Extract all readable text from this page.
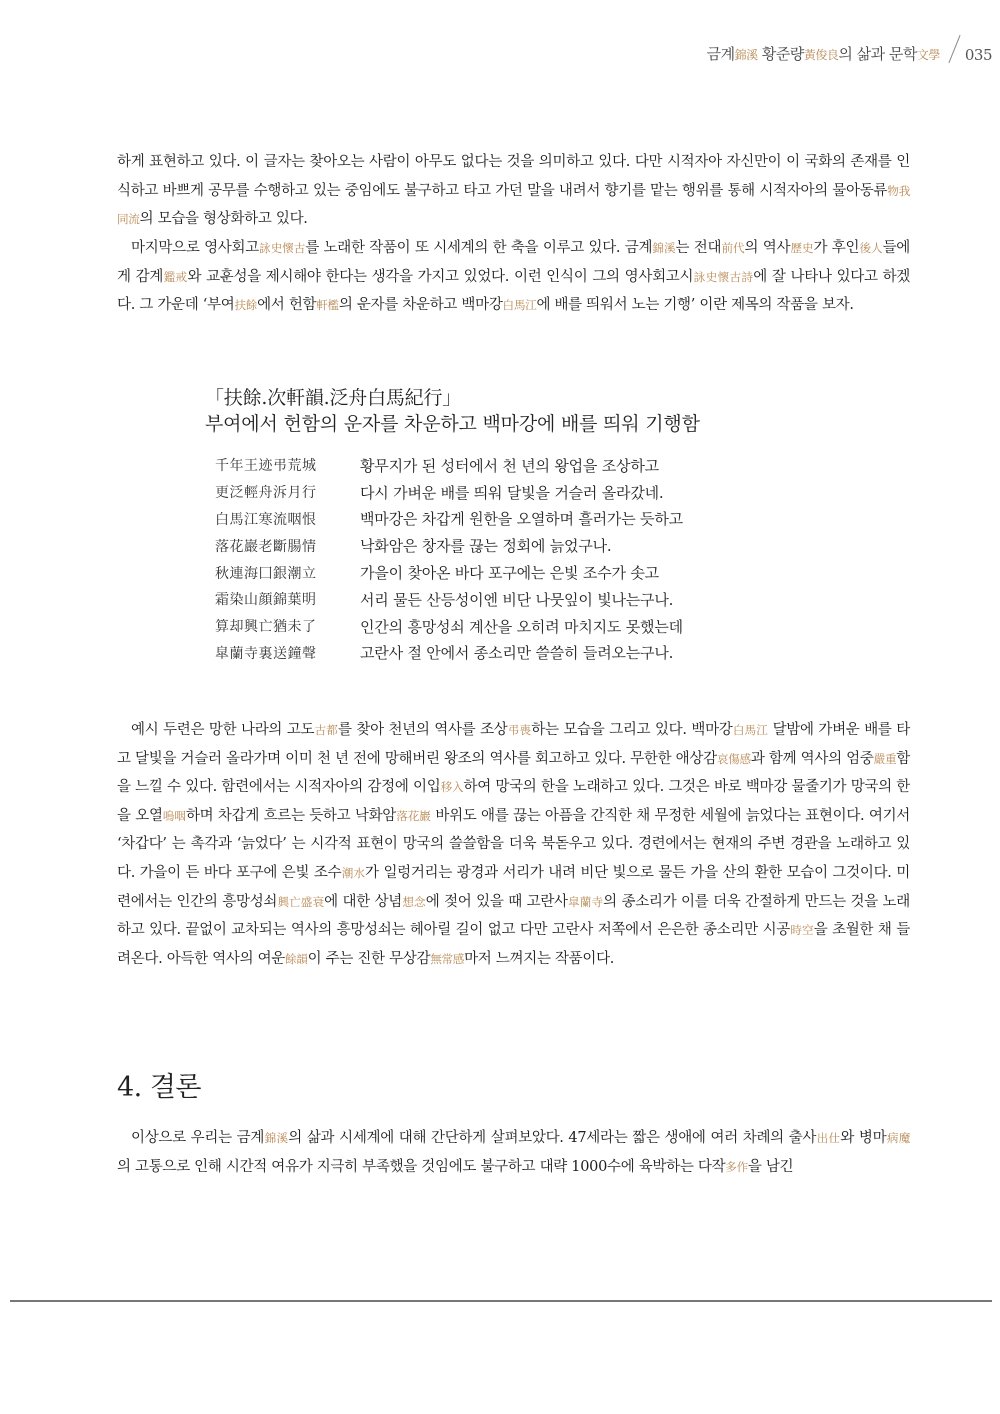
금계錦溪 황준량黃俊良의 삶과 문학文學 035

하게 표현하고 있다. 이 글자는 찾아오는 사람이 아무도 없다는 것을 의미하고 있다. 다만 시적자아 자신만이 이 국화의 존재를 인식하고 바쁘게 공무를 수행하고 있는 중임에도 불구하고 타고 가던 말을 내려서 향기를 맡는 행위를 통해 시적자아의 물아동류物我同流의 모습을 형상화하고 있다.

마지막으로 영사회고詠史懷古를 노래한 작품이 또 시세계의 한 축을 이루고 있다. 금계錦溪는 전대前代의 역사歷史가 후인後人들에게 감계鑑戒와 교훈성을 제시해야 한다는 생각을 가지고 있었다. 이런 인식이 그의 영사회고시詠史懷古詩에 잘 나타나 있다고 하겠다. 그 가운데 ‘부여扶餘에서 헌함軒檻의 운자를 차운하고 백마강白馬江에 배를 띄워서 노는 기행’ 이란 제목의 작품을 보자.

「扶餘.次軒韻.泛舟白馬紀行」
부여에서 헌함의 운자를 차운하고 백마강에 배를 띄워 기행함
千年王迹弔荒城	황무지가 된 성터에서 천 년의 왕업을 조상하고
更泛輕舟泝月行	다시 가벼운 배를 띄워 달빛을 거슬러 올라갔네.
白馬江寒流咽恨	백마강은 차갑게 원한을 오열하며 흘러가는 듯하고
落花巖老斷腸情	낙화암은 창자를 끊는 정회에 늙었구나.
秋連海囗銀潮立	가을이 찾아온 바다 포구에는 은빛 조수가 솟고
霜染山顔錦葉明	서리 물든 산등성이엔 비단 나뭇잎이 빛나는구나.
算却興亡猶未了	인간의 흥망성쇠 계산을 오히려 마치지도 못했는데
皐蘭寺裏送鐘聲	고란사 절 안에서 종소리만 쓸쓸히 들려오는구나.

예시 두련은 망한 나라의 고도古都를 찾아 천년의 역사를 조상弔喪하는 모습을 그리고 있다. 백마강白馬江 달밤에 가벼운 배를 타고 달빛을 거슬러 올라가며 이미 천 년 전에 망해버린 왕조의 역사를 회고하고 있다. 무한한 애상감哀傷感과 함께 역사의 엄중嚴重함을 느낄 수 있다. 함련에서는 시적자아의 감정에 이입移入하여 망국의 한을 노래하고 있다. 그것은 바로 백마강 물줄기가 망국의 한을 오열嗚咽하며 차갑게 흐르는 듯하고 낙화암落花巖 바위도 애를 끊는 아픔을 간직한 채 무정한 세월에 늙었다는 표현이다. 여기서 ‘차갑다’ 는 촉각과 ‘늙었다’ 는 시각적 표현이 망국의 쓸쓸함을 더욱 북돋우고 있다. 경련에서는 현재의 주변 경관을 노래하고 있다. 가을이 든 바다 포구에 은빛 조수潮水가 일렁거리는 광경과 서리가 내려 비단 빛으로 물든 가을 산의 환한 모습이 그것이다. 미련에서는 인간의 흥망성쇠興亡盛衰에 대한 상념想念에 젖어 있을 때 고란사皐蘭寺의 종소리가 이를 더욱 간절하게 만드는 것을 노래하고 있다. 끝없이 교차되는 역사의 흥망성쇠는 헤아릴 길이 없고 다만 고란사 저쪽에서 은은한 종소리만 시공時空을 초월한 채 들려온다. 아득한 역사의 여운餘韻이 주는 진한 무상감無常感마저 느껴지는 작품이다.

4. 결론

이상으로 우리는 금계錦溪의 삶과 시세계에 대해 간단하게 살펴보았다. 47세라는 짧은 생애에 여러 차례의 출사出仕와 병마病魔의 고통으로 인해 시간적 여유가 지극히 부족했을 것임에도 불구하고 대략 1000수에 육박하는 다작多作을 남긴
